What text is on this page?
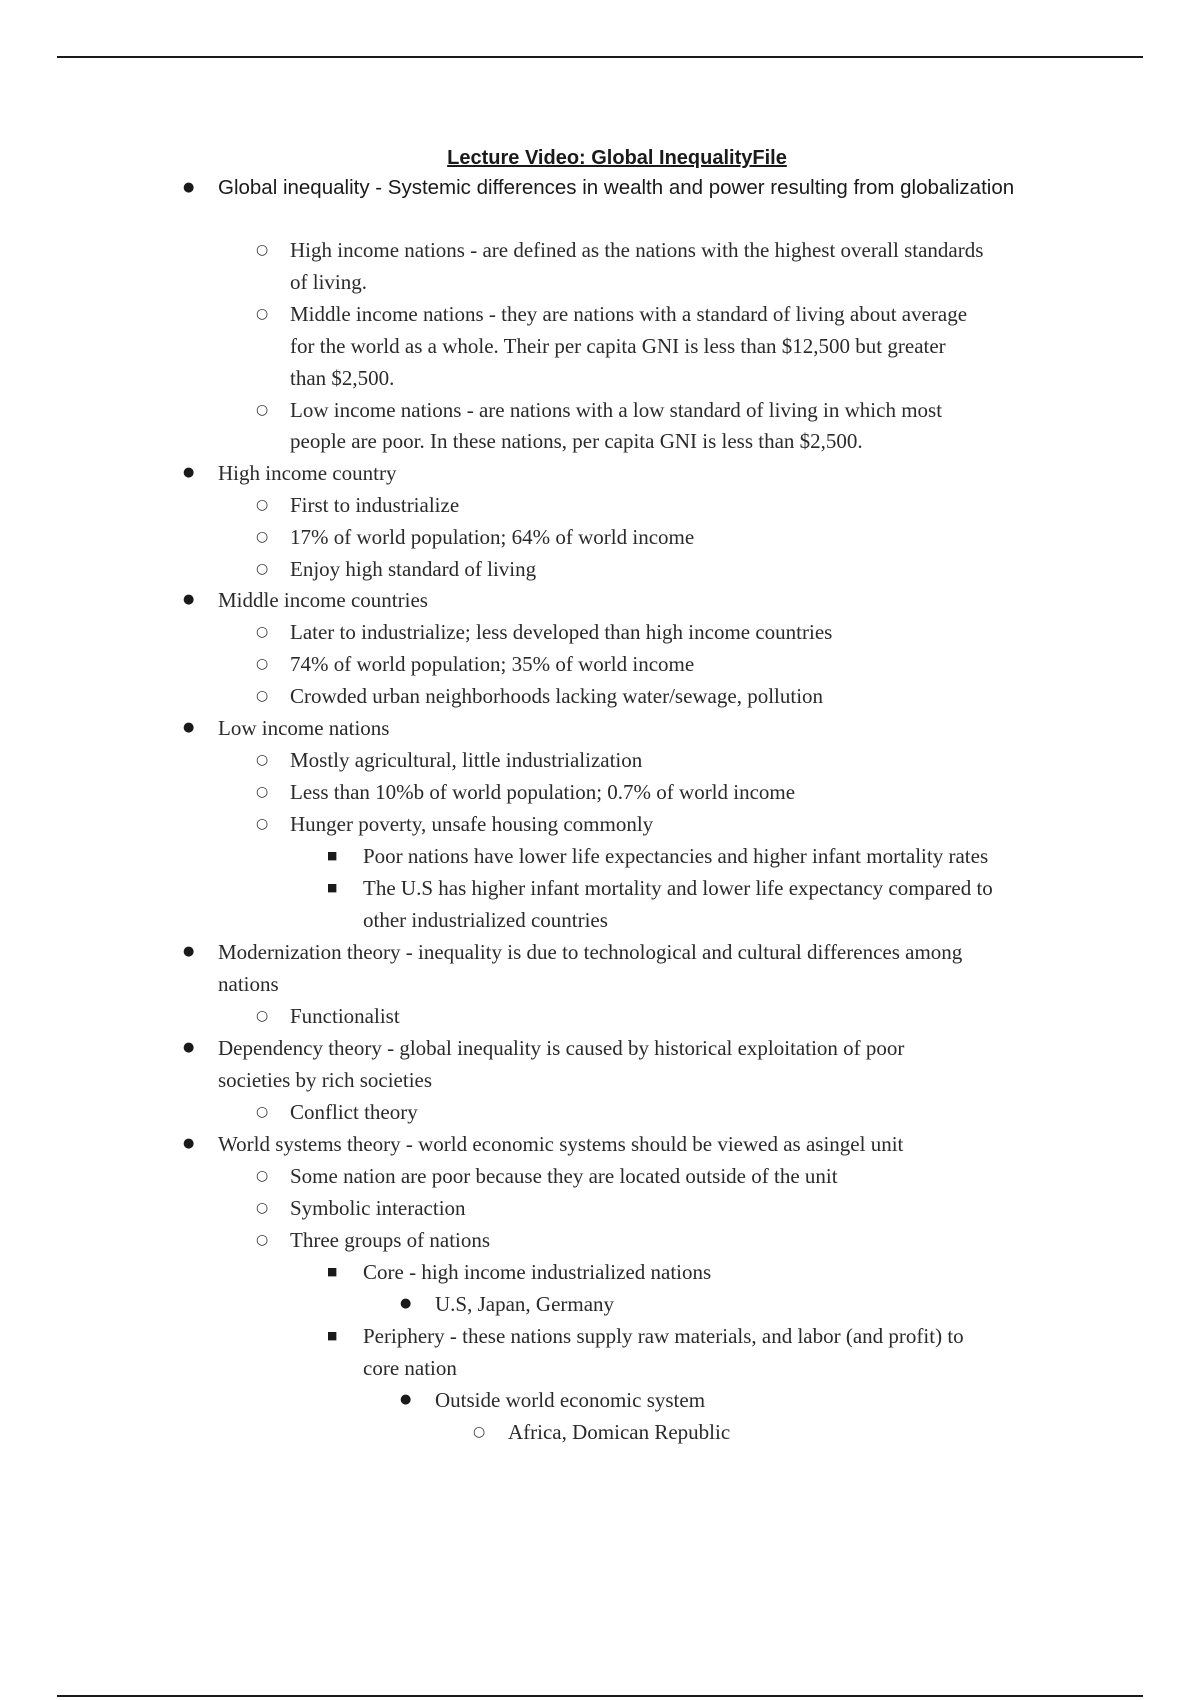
Lecture Video: Global InequalityFile
● Global inequality - Systemic differences in wealth and power resulting from globalization
○ High income nations - are defined as the nations with the highest overall standards
of living.
○ Middle income nations - they are nations with a standard of living about average
for the world as a whole. Their per capita GNI is less than $12,500 but greater
than $2,500.
○ Low income nations - are nations with a low standard of living in which most
people are poor. In these nations, per capita GNI is less than $2,500.
● High income country
○ First to industrialize
○ 17% of world population; 64% of world income
○ Enjoy high standard of living
● Middle income countries
○ Later to industrialize; less developed than high income countries
○ 74% of world population; 35% of world income
○ Crowded urban neighborhoods lacking water/sewage, pollution
● Low income nations
○ Mostly agricultural, little industrialization
○ Less than 10%b of world population; 0.7% of world income
○ Hunger poverty, unsafe housing commonly
■ Poor nations have lower life expectancies and higher infant mortality rates
■ The U.S has higher infant mortality and lower life expectancy compared to
other industrialized countries
● Modernization theory - inequality is due to technological and cultural differences among
nations
○ Functionalist
● Dependency theory - global inequality is caused by historical exploitation of poor
societies by rich societies
○ Conflict theory
● World systems theory - world economic systems should be viewed as asingel unit
○ Some nation are poor because they are located outside of the unit
○ Symbolic interaction
○ Three groups of nations
■ Core - high income industrialized nations
● U.S, Japan, Germany
■ Periphery - these nations supply raw materials, and labor (and profit) to
core nation
● Outside world economic system
○ Africa, Domican Republic
